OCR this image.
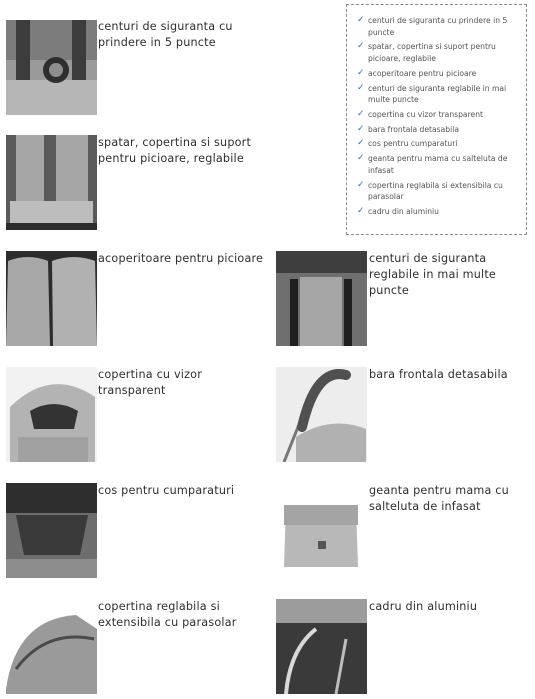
centuri de siguranta cu prindere in 5 puncte
spatar, copertina si suport pentru picioare, reglabile
acoperitoare pentru picioare	centuri de siguranta reglabile in mai multe puncte
copertina cu vizor transparent
bara frontala detasabila
cos pentru cumparaturi	geanta pentru mama cu salteluta de infasat
copertina reglabila si extensibila cu parasolar
cadru din aluminiu
✓ centuri de siguranta cu prindere in 5 puncte
✓ spatar, copertina si suport pentru picioare, reglabile
✓ acoperitoare pentru picioare
✓ centuri de siguranta reglabile in mai multe puncte
✓ copertina cu vizor transparent
✓ bara frontala detasabila
✓ cos pentru cumparaturi
✓ geanta pentru mama cu salteluta de infasat
✓ copertina reglabila si extensibila cu parasolar
✓ cadru din aluminiu
